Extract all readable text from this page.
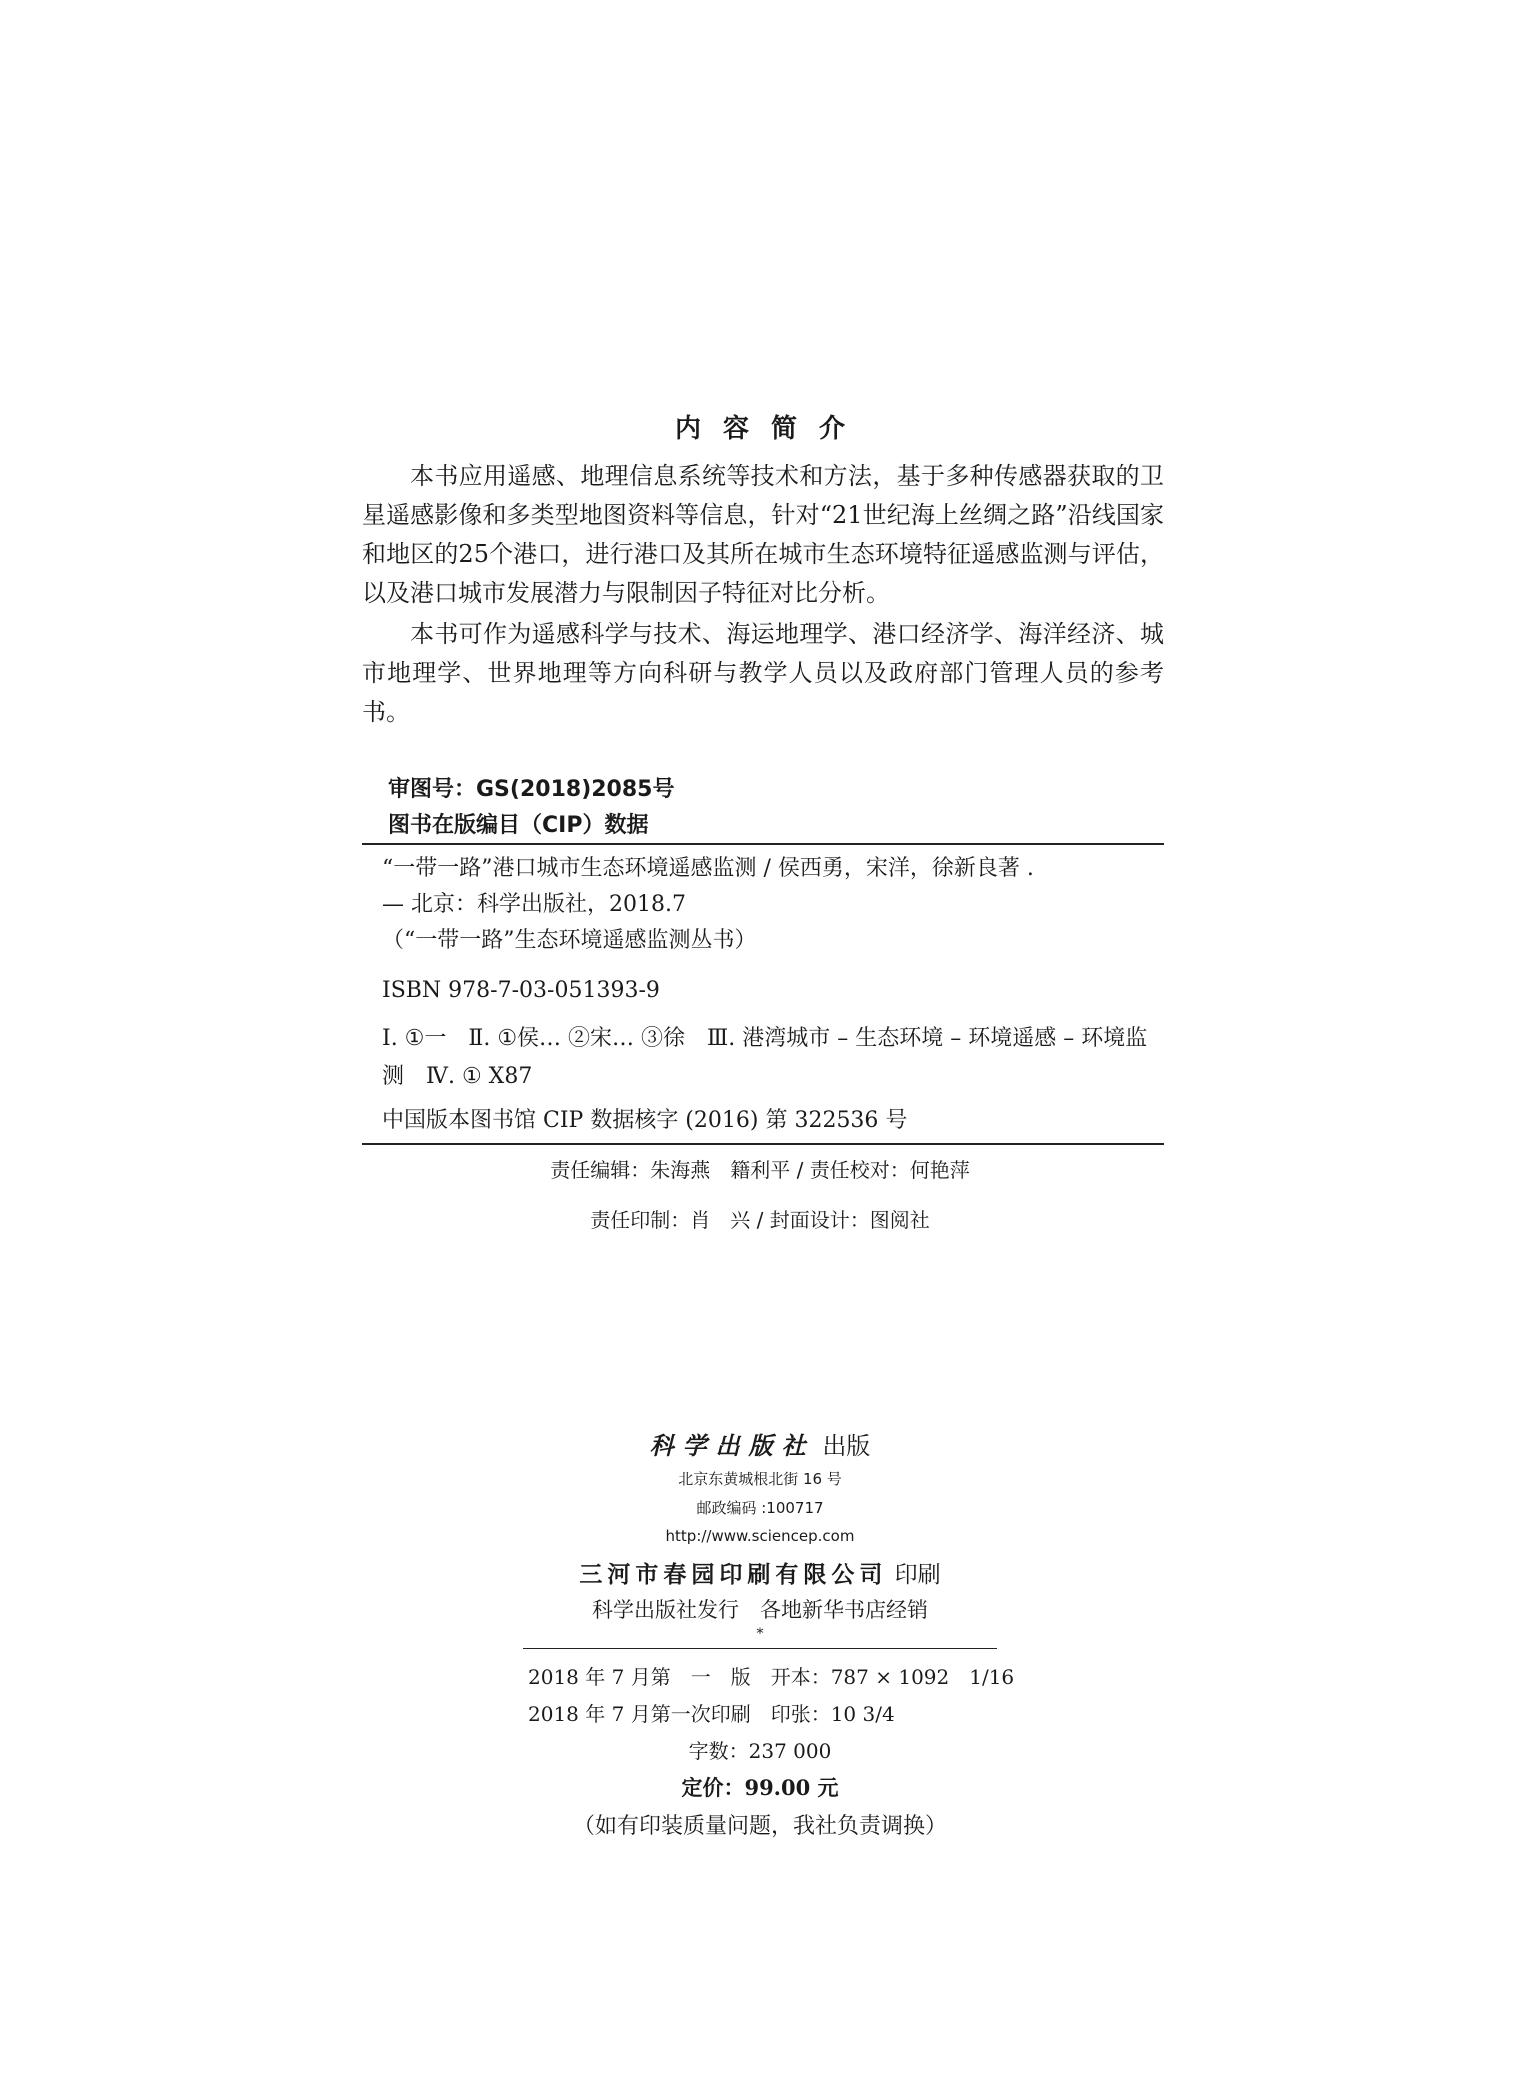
内容简介
本书应用遥感、地理信息系统等技术和方法，基于多种传感器获取的卫星遥感影像和多类型地图资料等信息，针对“21世纪海上丝绸之路”沿线国家和地区的25个港口，进行港口及其所在城市生态环境特征遥感监测与评估，以及港口城市发展潜力与限制因子特征对比分析。
本书可作为遥感科学与技术、海运地理学、港口经济学、海洋经济、城市地理学、世界地理等方向科研与教学人员以及政府部门管理人员的参考书。
审图号：GS(2018)2085号
图书在版编目（CIP）数据
“一带一路”港口城市生态环境遥感监测 / 侯西勇，宋洋，徐新良著 .
— 北京：科学出版社，2018.7
（“一带一路”生态环境遥感监测丛书）
ISBN 978-7-03-051393-9
Ⅰ. ①一　Ⅱ. ①侯… ②宋… ③徐　Ⅲ. 港湾城市 – 生态环境 – 环境遥感 – 环境监测　Ⅳ. ① X87
中国版本图书馆 CIP 数据核字 (2016) 第 322536 号
责任编辑：朱海燕　籍利平 / 责任校对：何艳萍
责任印制：肖　兴 / 封面设计：图阅社
科学出版社 出版
北京东黄城根北街 16 号
邮政编码 :100717
http://www.sciencep.com
三河市春园印刷有限公司 印刷
科学出版社发行　各地新华书店经销
*
2018 年 7 月第　一　版　开本：787 × 1092　1/16
2018 年 7 月第一次印刷　印张：10 3/4
字数：237 000
定价：99.00 元
（如有印装质量问题，我社负责调换）
